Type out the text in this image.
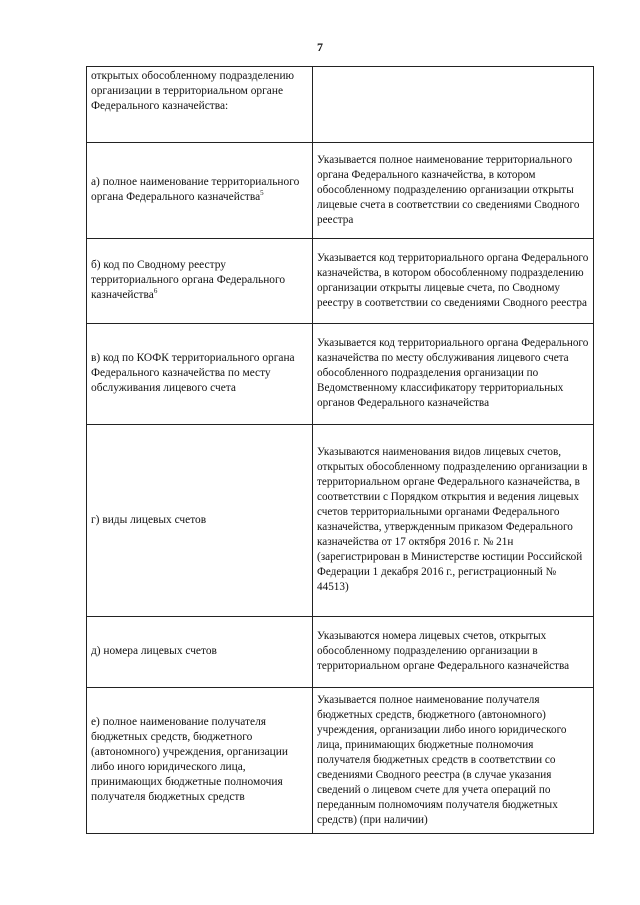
7
открытых обособленному подразделению организации в территориальном органе Федерального казначейства:	
а) полное наименование территориального органа Федерального казначейства$^5$	Указывается полное наименование территориального органа Федерального казначейства, в котором обособленному подразделению организации открыты лицевые счета в соответствии со сведениями Сводного реестра
б) код по Сводному реестру территориального органа Федерального казначейства$^6$	Указывается код территориального органа Федерального казначейства, в котором обособленному подразделению организации открыты лицевые счета, по Сводному реестру в соответствии со сведениями Сводного реестра
в) код по КОФК территориального органа Федерального казначейства по месту обслуживания лицевого счета	Указывается код территориального органа Федерального казначейства по месту обслуживания лицевого счета обособленного подразделения организации по Ведомственному классификатору территориальных органов Федерального казначейства
г) виды лицевых счетов	Указываются наименования видов лицевых счетов, открытых обособленному подразделению организации в территориальном органе Федерального казначейства, в соответствии с Порядком открытия и ведения лицевых счетов территориальными органами Федерального казначейства, утвержденным приказом Федерального казначейства от 17 октября 2016 г. № 21н (зарегистрирован в Министерстве юстиции Российской Федерации 1 декабря 2016 г., регистрационный № 44513)
д) номера лицевых счетов	Указываются номера лицевых счетов, открытых обособленному подразделению организации в территориальном органе Федерального казначейства
е) полное наименование получателя бюджетных средств, бюджетного (автономного) учреждения, организации либо иного юридического лица, принимающих бюджетные полномочия получателя бюджетных средств	Указывается полное наименование получателя бюджетных средств, бюджетного (автономного) учреждения, организации либо иного юридического лица, принимающих бюджетные полномочия получателя бюджетных средств в соответствии со сведениями Сводного реестра (в случае указания сведений о лицевом счете для учета операций по переданным полномочиям получателя бюджетных средств) (при наличии)
